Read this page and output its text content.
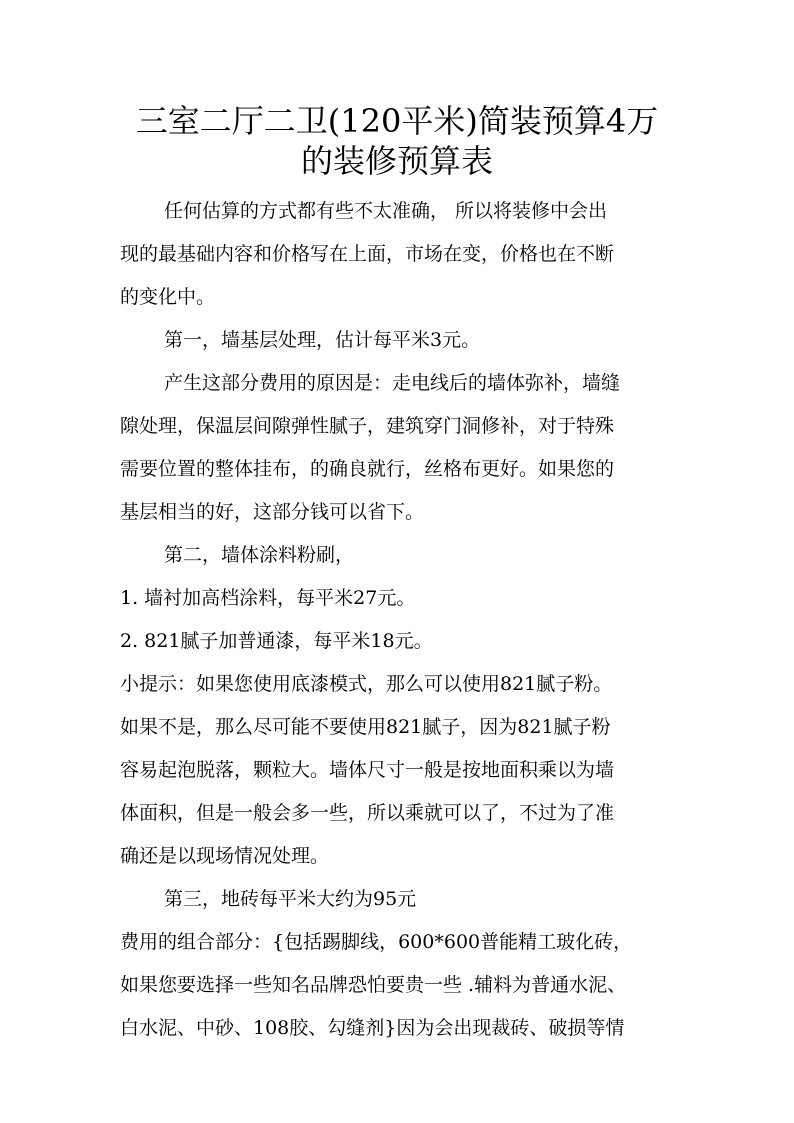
三室二厅二卫(120平米)简装预算4万
的装修预算表

任何估算的方式都有些不太准确， 所以将装修中会出

现的最基础内容和价格写在上面，市场在变，价格也在不断

的变化中。

第一，墙基层处理，估计每平米3元。

产生这部分费用的原因是：走电线后的墙体弥补，墙缝

隙处理，保温层间隙弹性腻子，建筑穿门洞修补，对于特殊

需要位置的整体挂布，的确良就行，丝格布更好。如果您的

基层相当的好，这部分钱可以省下。

第二，墙体涂料粉刷，

1. 墙衬加高档涂料，每平米27元。

2. 821腻子加普通漆，每平米18元。

小提示：如果您使用底漆模式，那么可以使用821腻子粉。

如果不是，那么尽可能不要使用821腻子，因为821腻子粉

容易起泡脱落，颗粒大。墙体尺寸一般是按地面积乘以为墙

体面积，但是一般会多一些，所以乘就可以了，不过为了准

确还是以现场情况处理。

第三，地砖每平米大约为95元

费用的组合部分：{包括踢脚线，600*600普能精工玻化砖，

如果您要选择一些知名品牌恐怕要贵一些 .辅料为普通水泥、

白水泥、中砂、108胶、勾缝剂}因为会出现裁砖、破损等情
